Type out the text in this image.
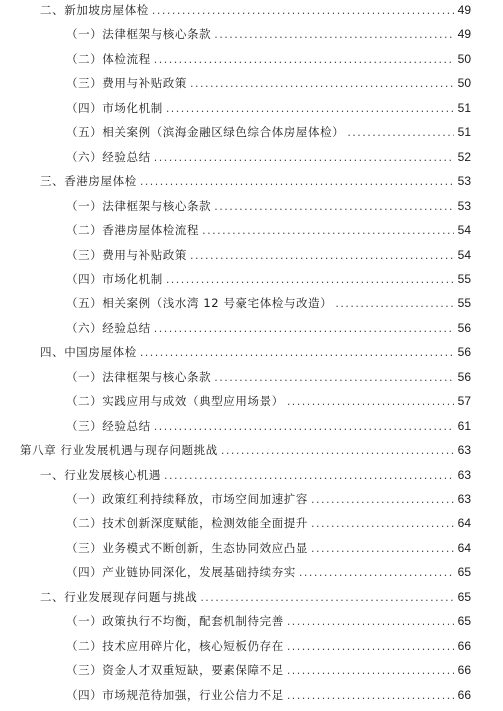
二、新加坡房屋体检 .....	49
（一）法律框架与核心条款 .....	49
（二）体检流程 .....	50
（三）费用与补贴政策 .....	50
（四）市场化机制 .....	51
（五）相关案例（滨海金融区绿色综合体房屋体检） .....	51
（六）经验总结 .....	52
三、香港房屋体检 .....	53
（一）法律框架与核心条款 .....	53
（二）香港房屋体检流程 .....	54
（三）费用与补贴政策 .....	54
（四）市场化机制 .....	55
（五）相关案例（浅水湾 12 号豪宅体检与改造） .....	55
（六）经验总结 .....	56
四、中国房屋体检 .....	56
（一）法律框架与核心条款 .....	56
（二）实践应用与成效（典型应用场景） .....	57
（三）经验总结 .....	61
第八章 行业发展机遇与现存问题挑战 .....	63
一、行业发展核心机遇 .....	63
（一）政策红利持续释放，市场空间加速扩容 .....	63
（二）技术创新深度赋能，检测效能全面提升 .....	64
（三）业务模式不断创新，生态协同效应凸显 .....	64
（四）产业链协同深化，发展基础持续夯实 .....	65
二、行业发展现存问题与挑战 .....	65
（一）政策执行不均衡，配套机制待完善 .....	65
（二）技术应用碎片化，核心短板仍存在 .....	66
（三）资金人才双重短缺，要素保障不足 .....	66
（四）市场规范待加强，行业公信力不足 .....	66
